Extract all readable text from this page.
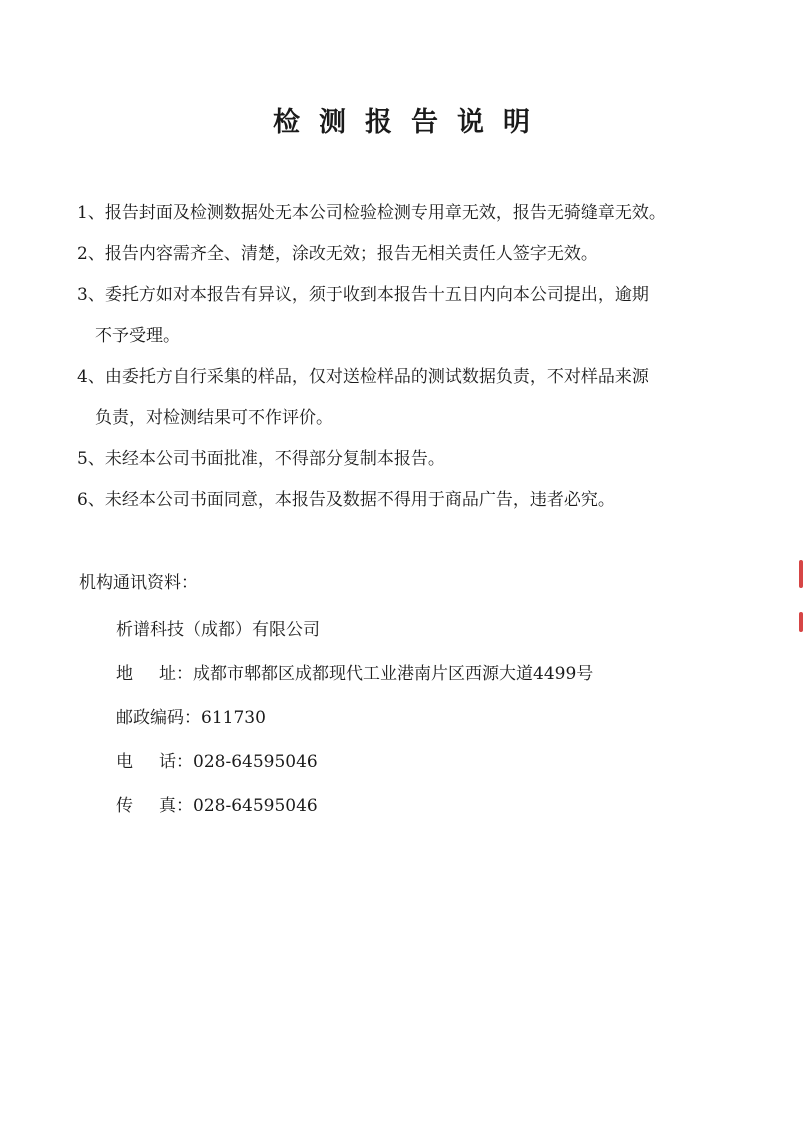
检测报告说明
1、报告封面及检测数据处无本公司检验检测专用章无效，报告无骑缝章无效。
2、报告内容需齐全、清楚，涂改无效；报告无相关责任人签字无效。
3、委托方如对本报告有异议，须于收到本报告十五日内向本公司提出，逾期
不予受理。
4、由委托方自行采集的样品，仅对送检样品的测试数据负责，不对样品来源
负责，对检测结果可不作评价。
5、未经本公司书面批准，不得部分复制本报告。
6、未经本公司书面同意，本报告及数据不得用于商品广告，违者必究。
机构通讯资料：
析谱科技（成都）有限公司
地址：成都市郫都区成都现代工业港南片区西源大道4499号
邮政编码：611730
电话：028-64595046
传真：028-64595046
